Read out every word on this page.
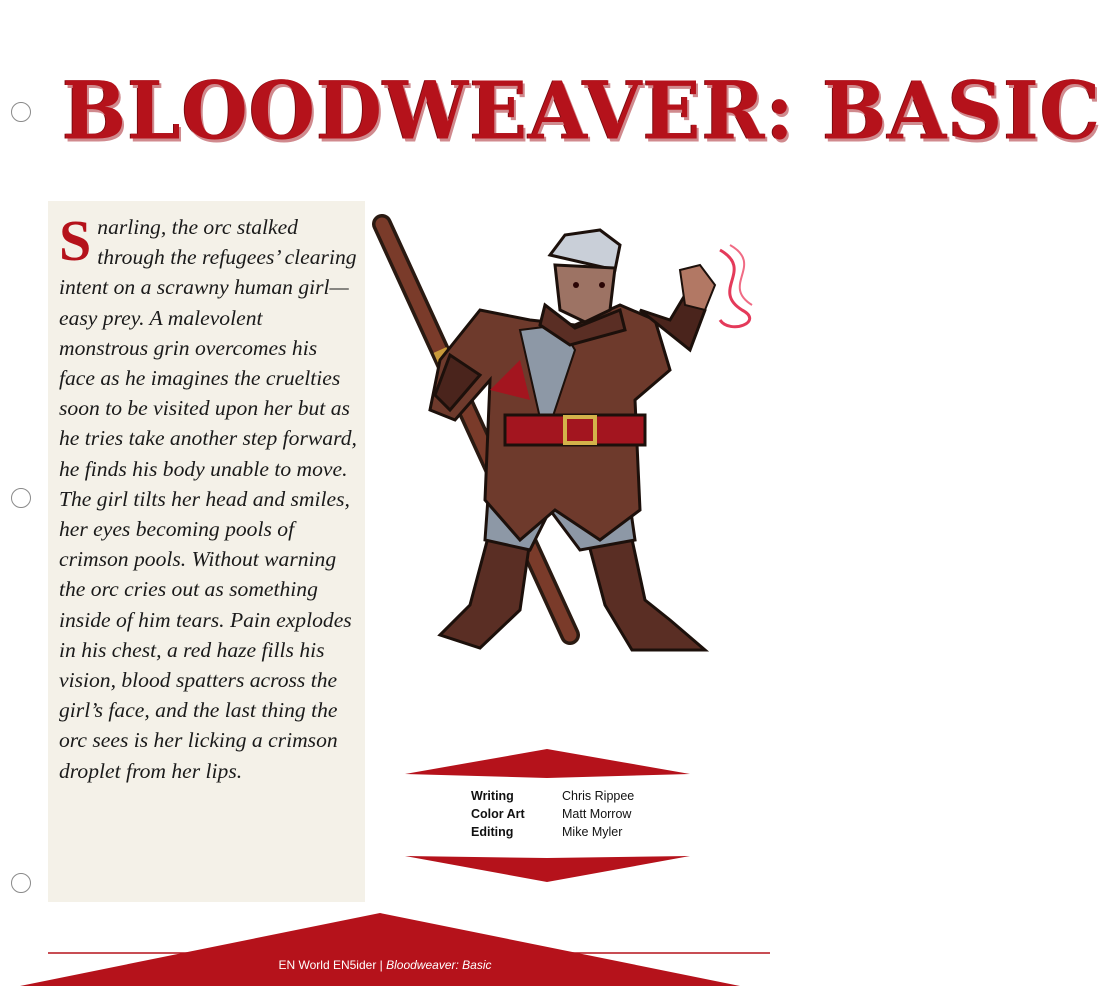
BLOODWEAVER: BASIC
S narling, the orc stalked through the refugees’ clearing intent on a scrawny human girl—easy prey. A malevolent monstrous grin overcomes his face as he imagines the cruelties soon to be visited upon her but as he tries take another step forward, he finds his body unable to move. The girl tilts her head and smiles, her eyes becoming pools of crimson pools. Without warning the orc cries out as something inside of him tears. Pain explodes in his chest, a red haze fills his vision, blood spatters across the girl’s face, and the last thing the orc sees is her licking a crimson droplet from her lips.
Writing	Chris Rippee
Color Art	Matt Morrow
Editing	Mike Myler
EN World EN5ider | Bloodweaver: Basic
